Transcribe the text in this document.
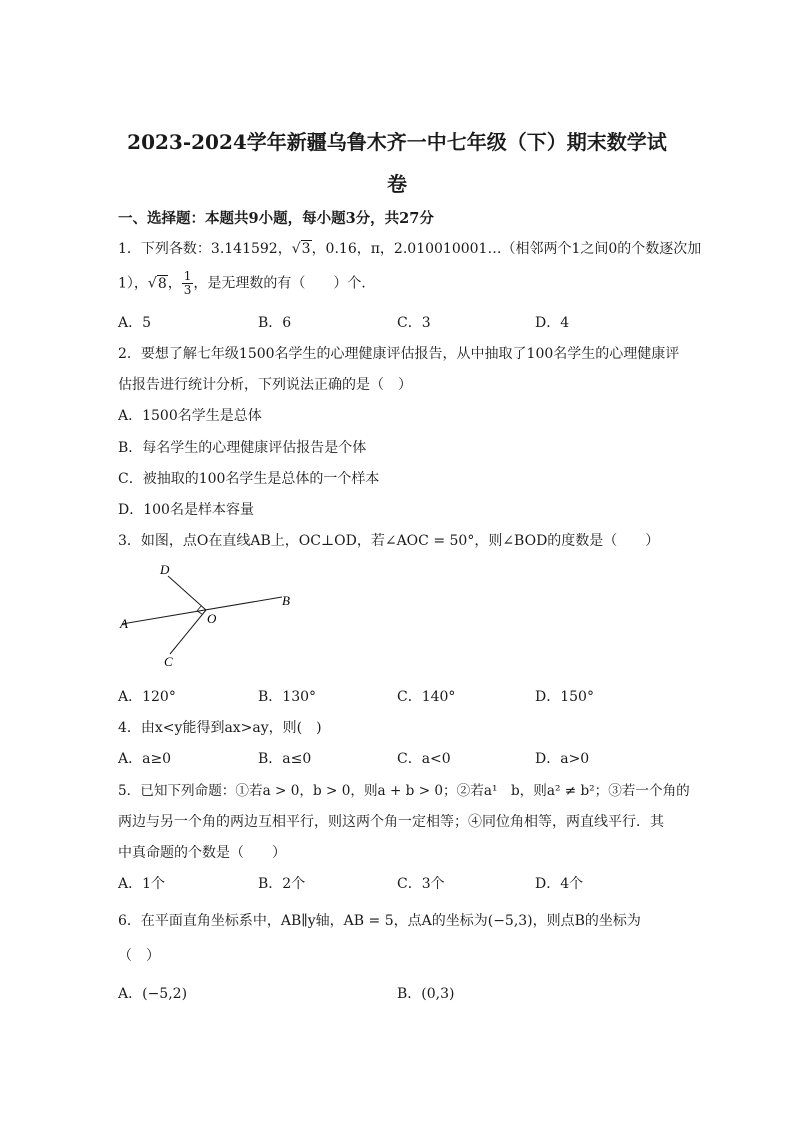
2023-2024学年新疆乌鲁木齐一中七年级（下）期末数学试
卷
一、选择题：本题共9小题，每小题3分，共27分
1．下列各数：3.141592，√3，0.16，π，2.010010001…（相邻两个1之间0的个数逐次加
1），√8， $\frac{1}{3}$ ，是无理数的有（　　）个．
A．5	B．6	C．3	D．4
2．要想了解七年级1500名学生的心理健康评估报告，从中抽取了100名学生的心理健康评
估报告进行统计分析，下列说法正确的是（　）
A．1500名学生是总体
B．每名学生的心理健康评估报告是个体
C．被抽取的100名学生是总体的一个样本
D．100名是样本容量
3．如图，点O在直线AB上，OC⊥OD，若∠AOC = 50°，则∠BOD的度数是（　　）
D
B
A	O
C
A．120°	B．130°	C．140°	D．150°
4．由x<y能得到ax>ay，则(　)
A．a≥0	B．a≤0	C．a<0	D．a>0
5．已知下列命题：①若a > 0，b > 0，则a + b > 0；②若a¹　b，则a² ≠ b²；③若一个角的
两边与另一个角的两边互相平行，则这两个角一定相等；④同位角相等，两直线平行．其
中真命题的个数是（　　）
A．1个	B．2个	C．3个	D．4个
6．在平面直角坐标系中，AB∥y轴，AB = 5，点A的坐标为(−5,3)，则点B的坐标为
（　）
A．(−5,2)	B．(0,3)
